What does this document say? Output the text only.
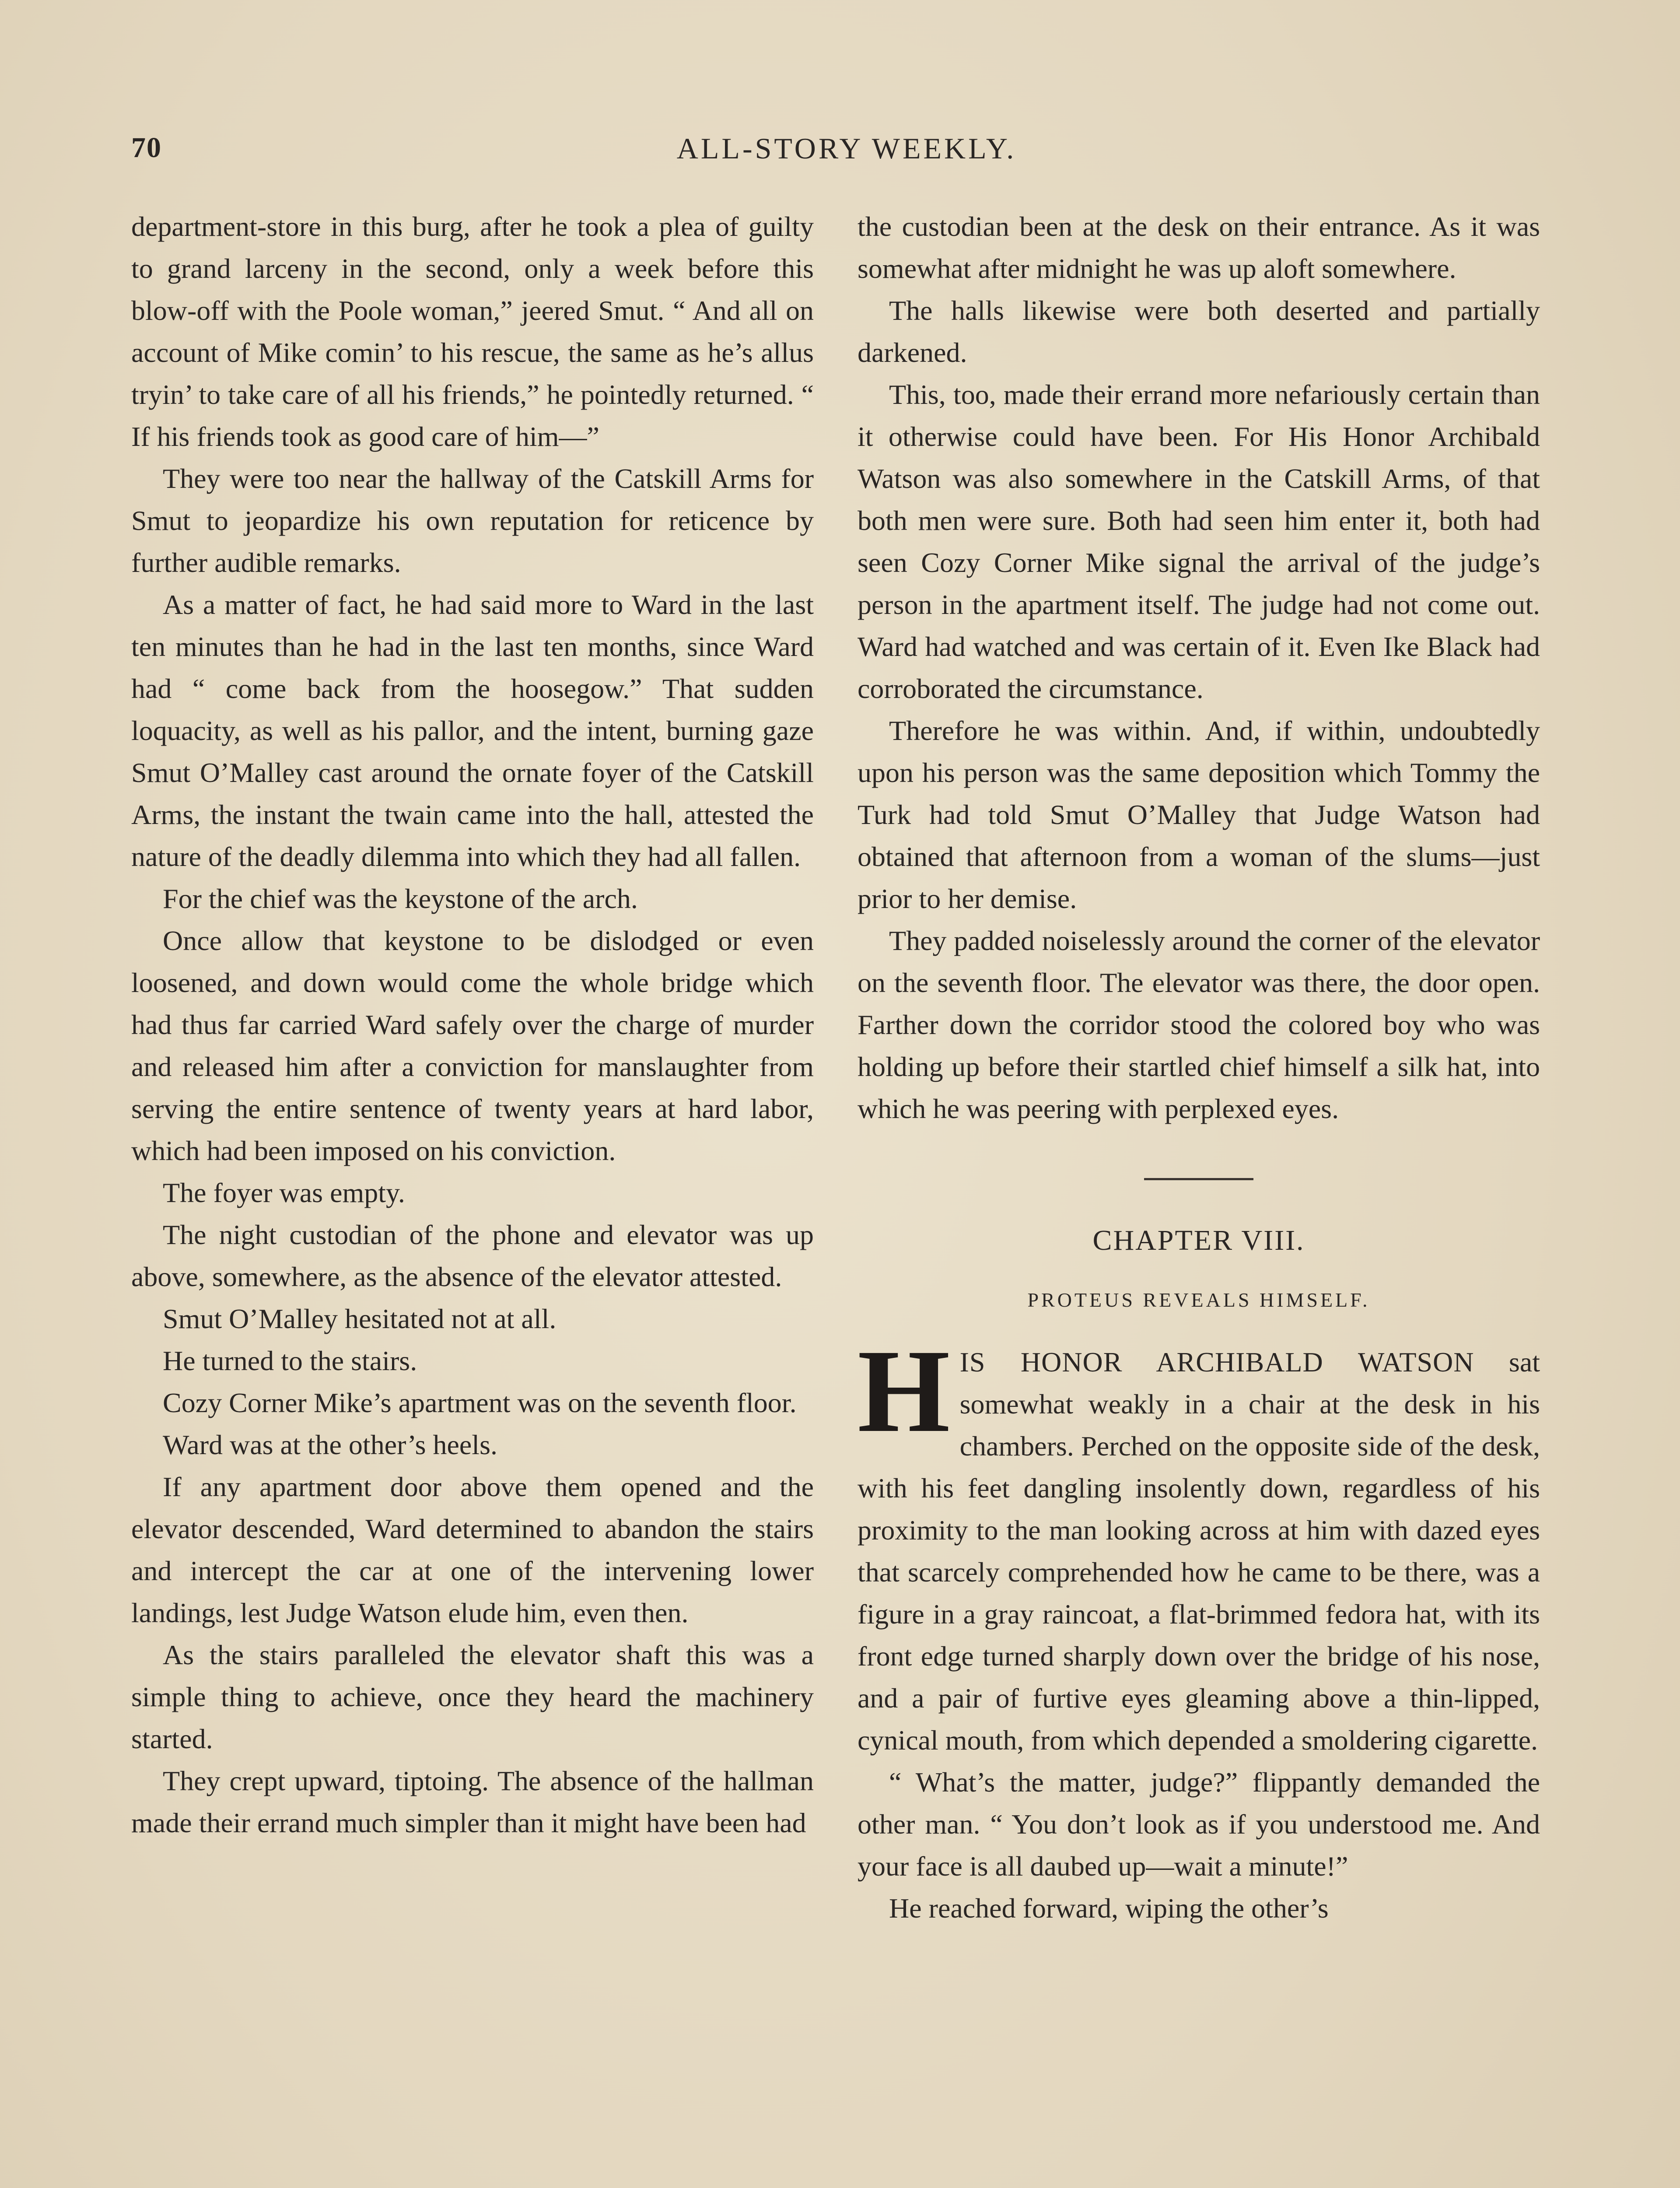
70	ALL-STORY WEEKLY.

department-store in this burg, after he took a plea of guilty to grand larceny in the second, only a week before this blow-off with the Poole woman,” jeered Smut. “ And all on account of Mike comin’ to his rescue, the same as he’s allus tryin’ to take care of all his friends,” he pointedly returned. “ If his friends took as good care of him—”

They were too near the hallway of the Catskill Arms for Smut to jeopardize his own reputation for reticence by further audible remarks.

As a matter of fact, he had said more to Ward in the last ten minutes than he had in the last ten months, since Ward had “ come back from the hoosegow.” That sudden loquacity, as well as his pallor, and the intent, burning gaze Smut O’Malley cast around the ornate foyer of the Catskill Arms, the instant the twain came into the hall, attested the nature of the deadly dilemma into which they had all fallen.

For the chief was the keystone of the arch.

Once allow that keystone to be dislodged or even loosened, and down would come the whole bridge which had thus far carried Ward safely over the charge of murder and released him after a conviction for manslaughter from serving the entire sentence of twenty years at hard labor, which had been imposed on his conviction.

The foyer was empty.

The night custodian of the phone and elevator was up above, somewhere, as the absence of the elevator attested.

Smut O’Malley hesitated not at all.

He turned to the stairs.

Cozy Corner Mike’s apartment was on the seventh floor.

Ward was at the other’s heels.

If any apartment door above them opened and the elevator descended, Ward determined to abandon the stairs and intercept the car at one of the intervening lower landings, lest Judge Watson elude him, even then.

As the stairs paralleled the elevator shaft this was a simple thing to achieve, once they heard the machinery started.

They crept upward, tiptoing. The absence of the hallman made their errand much simpler than it might have been had

the custodian been at the desk on their entrance. As it was somewhat after midnight he was up aloft somewhere.

The halls likewise were both deserted and partially darkened.

This, too, made their errand more nefariously certain than it otherwise could have been. For His Honor Archibald Watson was also somewhere in the Catskill Arms, of that both men were sure. Both had seen him enter it, both had seen Cozy Corner Mike signal the arrival of the judge’s person in the apartment itself. The judge had not come out. Ward had watched and was certain of it. Even Ike Black had corroborated the circumstance.

Therefore he was within. And, if within, undoubtedly upon his person was the same deposition which Tommy the Turk had told Smut O’Malley that Judge Watson had obtained that afternoon from a woman of the slums—just prior to her demise.

They padded noiselessly around the corner of the elevator on the seventh floor. The elevator was there, the door open. Farther down the corridor stood the colored boy who was holding up before their startled chief himself a silk hat, into which he was peering with perplexed eyes.

CHAPTER VIII.
PROTEUS REVEALS HIMSELF.

HIS HONOR ARCHIBALD WATSON sat somewhat weakly in a chair at the desk in his chambers. Perched on the opposite side of the desk, with his feet dangling insolently down, regardless of his proximity to the man looking across at him with dazed eyes that scarcely comprehended how he came to be there, was a figure in a gray raincoat, a flat-brimmed fedora hat, with its front edge turned sharply down over the bridge of his nose, and a pair of furtive eyes gleaming above a thin-lipped, cynical mouth, from which depended a smoldering cigarette.

“ What’s the matter, judge?” flippantly demanded the other man. “ You don’t look as if you understood me. And your face is all daubed up—wait a minute!”

He reached forward, wiping the other’s
